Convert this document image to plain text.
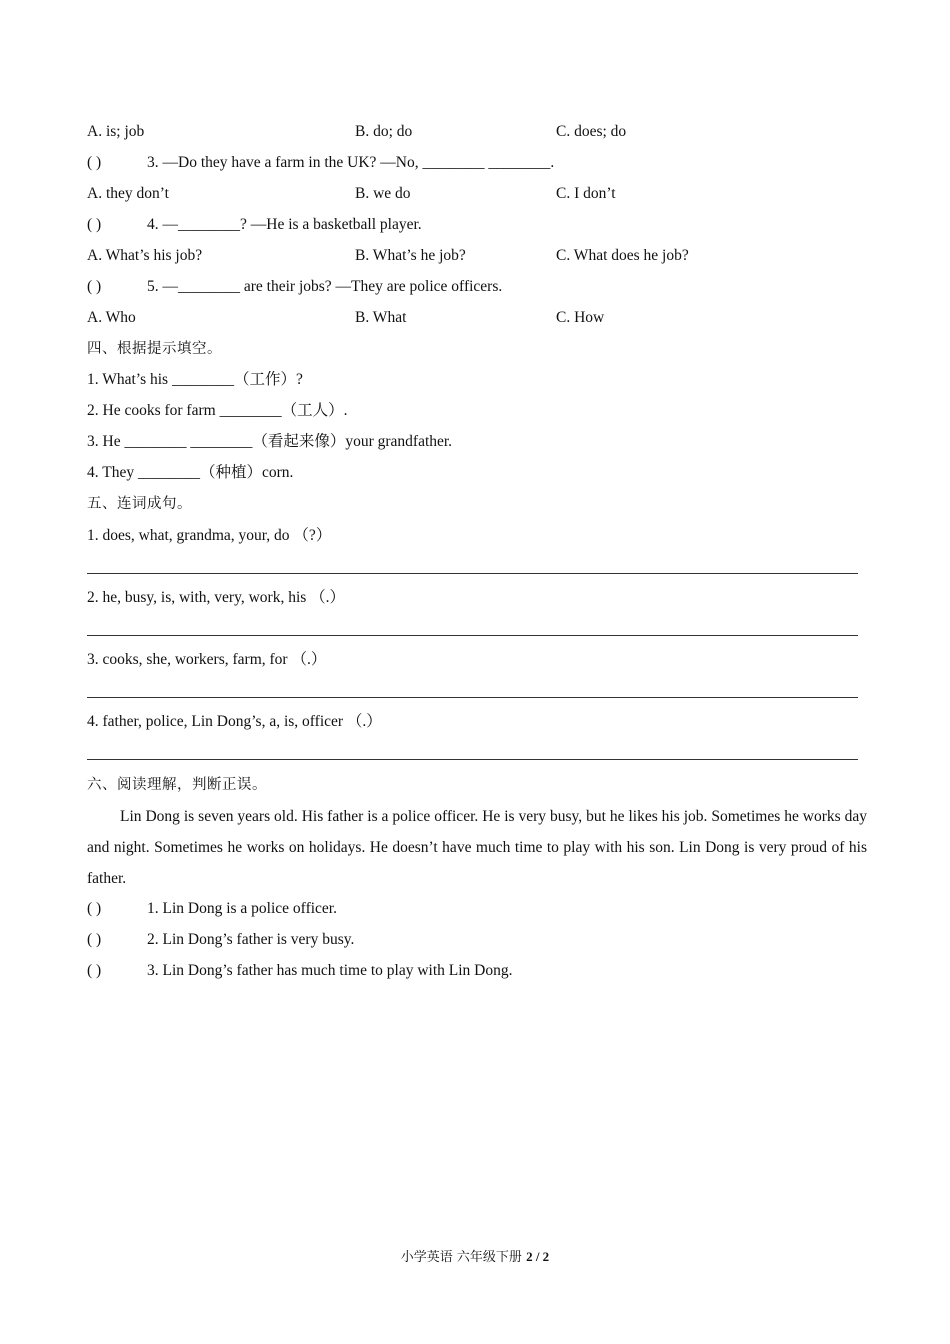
A. is; job	B. do; do	C. does; do
( )	3. —Do they have a farm in the UK? —No, ________ ________.
A. they don’t	B. we do	C. I don’t
( )	4. —________? —He is a basketball player.
A. What’s his job?	B. What’s he job?	C. What does he job?
( )	5. —________ are their jobs? —They are police officers.
A. Who	B. What	C. How
四、根据提示填空。
1. What’s his ________（工作）?
2. He cooks for farm ________（工人）.
3. He ________ ________（看起来像）your grandfather.
4. They ________（种植）corn.
五、连词成句。
1. does, what, grandma, your, do （?）
2. he, busy, is, with, very, work, his （.）
3. cooks, she, workers, farm, for （.）
4. father, police, Lin Dong’s, a, is, officer （.）
六、阅读理解，判断正误。
Lin Dong is seven years old. His father is a police officer. He is very busy, but he likes his job. Sometimes he works day and night. Sometimes he works on holidays. He doesn’t have much time to play with his son. Lin Dong is very proud of his father.
( )	1. Lin Dong is a police officer.
( )	2. Lin Dong’s father is very busy.
( )	3. Lin Dong’s father has much time to play with Lin Dong.
小学英语 六年级下册 2 / 2
